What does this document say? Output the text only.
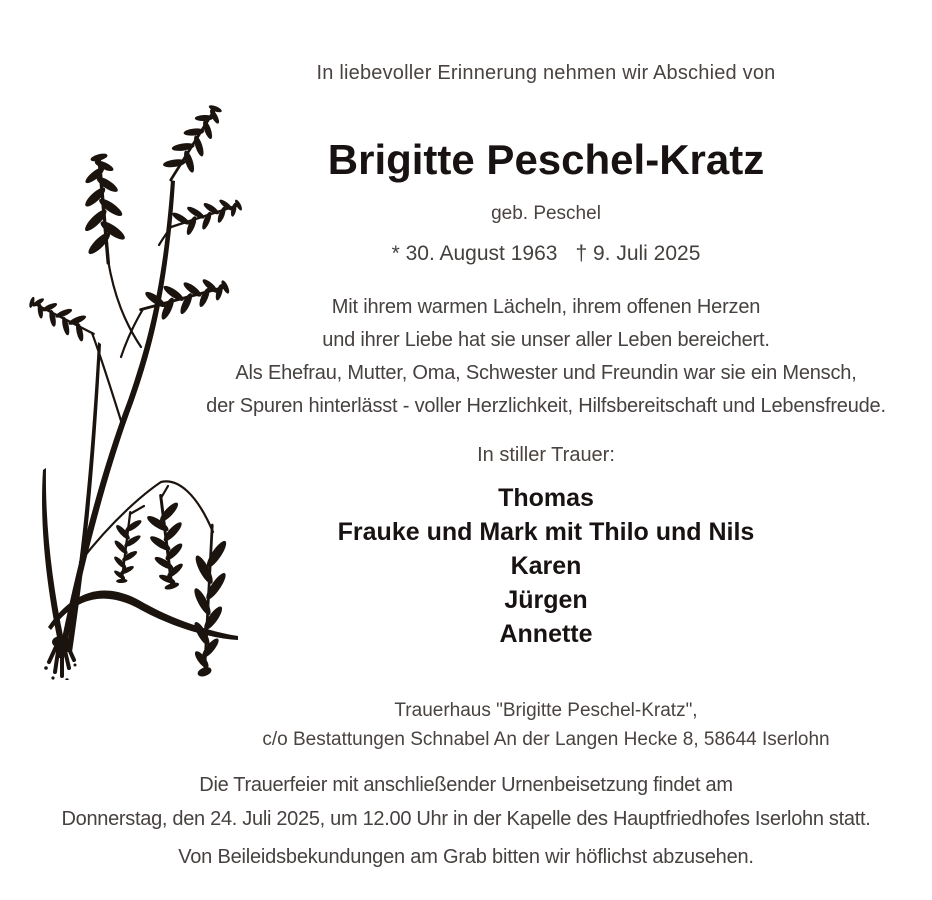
In liebevoller Erinnerung nehmen wir Abschied von

Brigitte Peschel-Kratz

geb. Peschel

* 30. August 1963 † 9. Juli 2025

Mit ihrem warmen Lächeln, ihrem offenen Herzen
und ihrer Liebe hat sie unser aller Leben bereichert.
Als Ehefrau, Mutter, Oma, Schwester und Freundin war sie ein Mensch,
der Spuren hinterlässt - voller Herzlichkeit, Hilfsbereitschaft und Lebensfreude.

In stiller Trauer:

Thomas
Frauke und Mark mit Thilo und Nils
Karen
Jürgen
Annette
Trauerhaus "Brigitte Peschel-Kratz",
c/o Bestattungen Schnabel An der Langen Hecke 8, 58644 Iserlohn
Die Trauerfeier mit anschließender Urnenbeisetzung findet am
Donnerstag, den 24. Juli 2025, um 12.00 Uhr in der Kapelle des Hauptfriedhofes Iserlohn statt.

Von Beileidsbekundungen am Grab bitten wir höflichst abzusehen.
